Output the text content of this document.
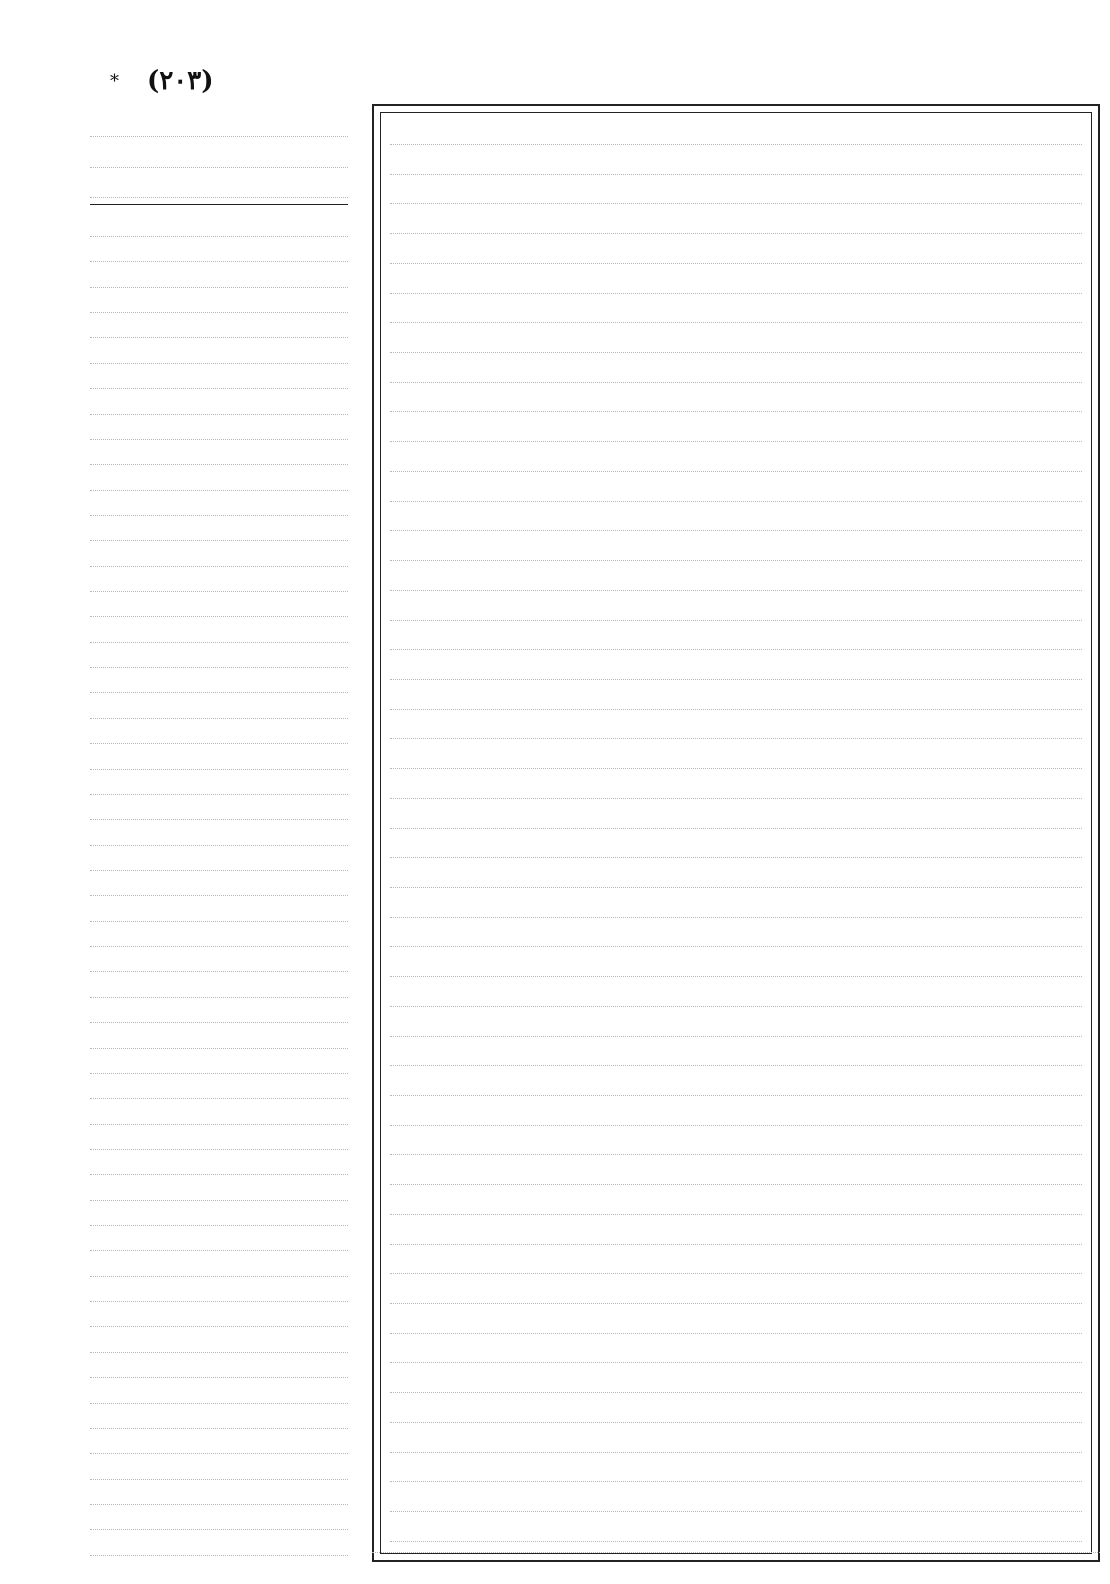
* (٢٠٣)
